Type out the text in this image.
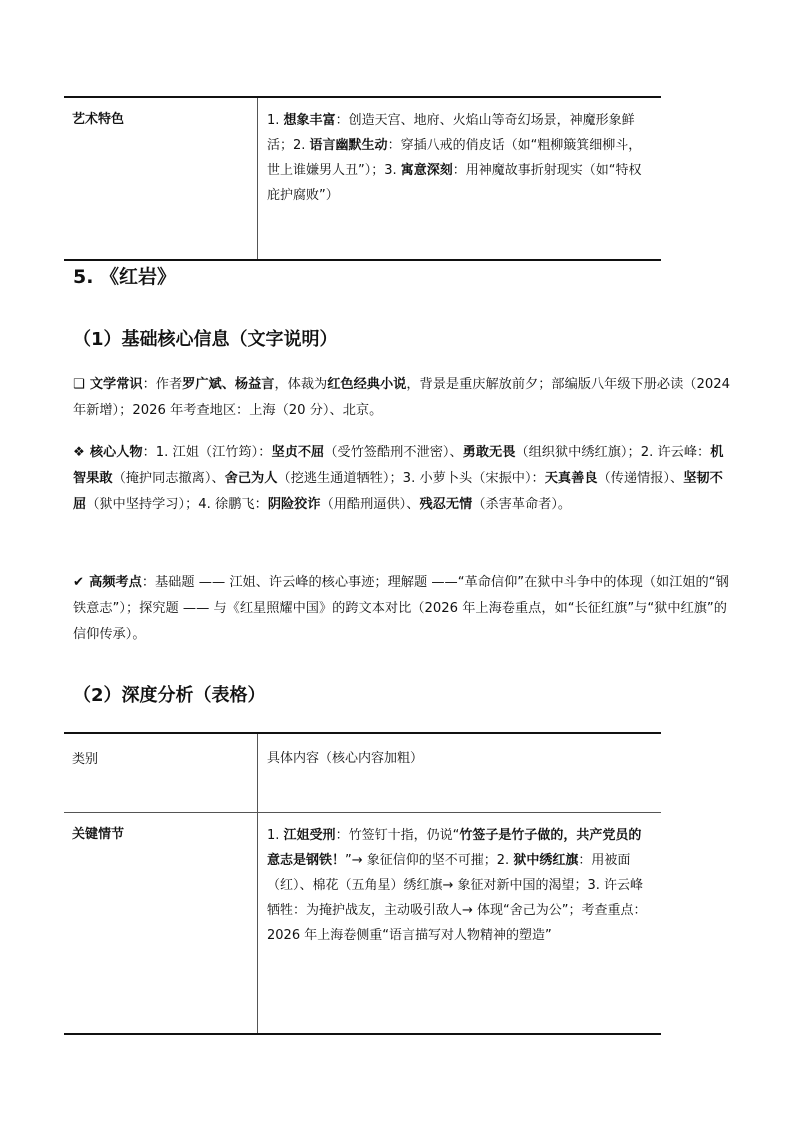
艺术特色	1. 想象丰富：创造天宫、地府、火焰山等奇幻场景，神魔形象鲜活；2. 语言幽默生动：穿插八戒的俏皮话（如“粗柳簸箕细柳斗，世上谁嫌男人丑”）；3. 寓意深刻：用神魔故事折射现实（如“特权庇护腐败”）
5. 《红岩》
（1）基础核心信息（文字说明）

❑ 文学常识：作者罗广斌、杨益言，体裁为红色经典小说，背景是重庆解放前夕；部编版八年级下册必读（2024 年新增）；2026 年考查地区：上海（20 分）、北京。

❖ 核心人物：1. 江姐（江竹筠）：坚贞不屈（受竹签酷刑不泄密）、勇敢无畏（组织狱中绣红旗）；2. 许云峰：机智果敢（掩护同志撤离）、舍己为人（挖逃生通道牺牲）；3. 小萝卜头（宋振中）：天真善良（传递情报）、坚韧不屈（狱中坚持学习）；4. 徐鹏飞：阴险狡诈（用酷刑逼供）、残忍无情（杀害革命者）。

✔ 高频考点：基础题 —— 江姐、许云峰的核心事迹；理解题 ——“革命信仰”在狱中斗争中的体现（如江姐的“钢铁意志”）；探究题 —— 与《红星照耀中国》的跨文本对比（2026 年上海卷重点，如“长征红旗”与“狱中红旗”的信仰传承）。

（2）深度分析（表格）
类别	具体内容（核心内容加粗）
关键情节	1. 江姐受刑：竹签钉十指，仍说“竹签子是竹子做的，共产党员的意志是钢铁！”→ 象征信仰的坚不可摧；2. 狱中绣红旗：用被面（红）、棉花（五角星）绣红旗→ 象征对新中国的渴望；3. 许云峰牺牲：为掩护战友，主动吸引敌人→ 体现“舍己为公”；考查重点：2026 年上海卷侧重“语言描写对人物精神的塑造”
